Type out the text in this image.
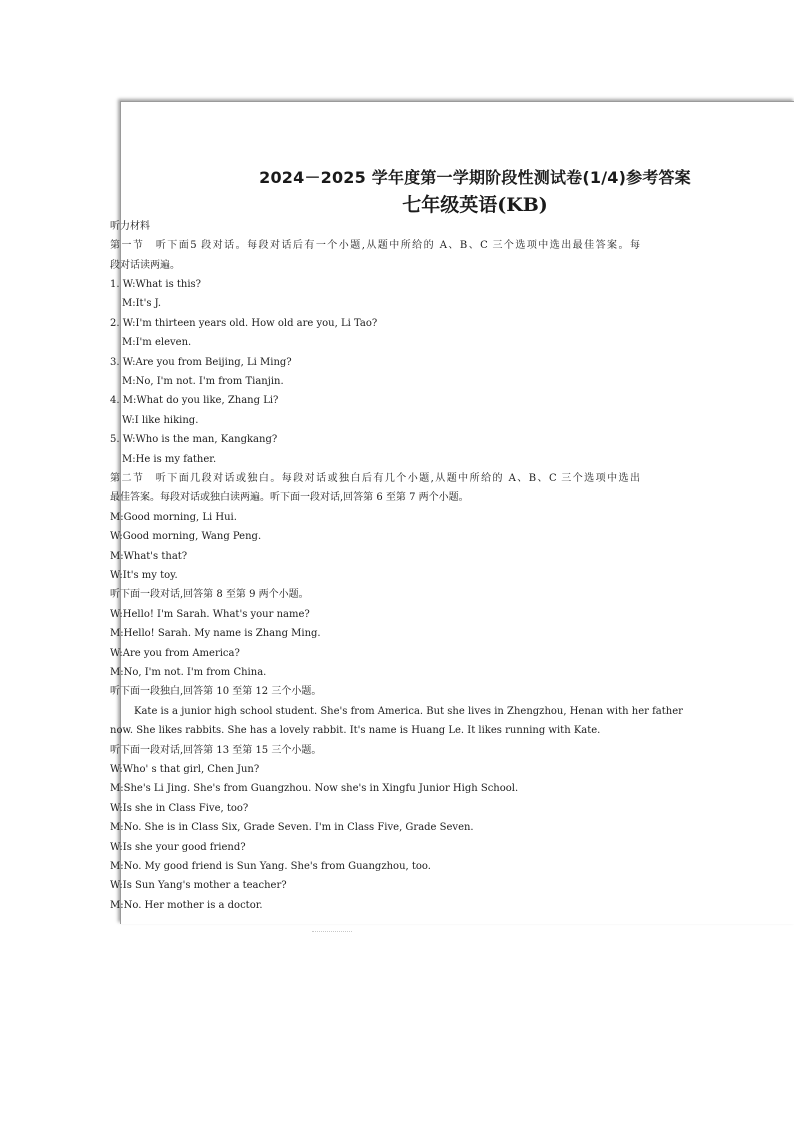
2024－2025 学年度第一学期阶段性测试卷(1/4)参考答案
七年级英语(KB)
听力材料
第一节　听下面5 段对话。每段对话后有一个小题,从题中所给的 A、B、C 三个选项中选出最佳答案。每
段对话读两遍。
1. W:What is this?
M:It's J.
2. W:I'm thirteen years old. How old are you, Li Tao?
M:I'm eleven.
3. W:Are you from Beijing, Li Ming?
M:No, I'm not. I'm from Tianjin.
4. M:What do you like, Zhang Li?
W:I like hiking.
5. W:Who is the man, Kangkang?
M:He is my father.
第二节　听下面几段对话或独白。每段对话或独白后有几个小题,从题中所给的 A、B、C 三个选项中选出
最佳答案。每段对话或独白读两遍。听下面一段对话,回答第 6 至第 7 两个小题。
M:Good morning, Li Hui.
W:Good morning, Wang Peng.
M:What's that?
W:It's my toy.
听下面一段对话,回答第 8 至第 9 两个小题。
W:Hello! I'm Sarah. What's your name?
M:Hello! Sarah. My name is Zhang Ming.
W:Are you from America?
M:No, I'm not. I'm from China.
听下面一段独白,回答第 10 至第 12 三个小题。
Kate is a junior high school student. She's from America. But she lives in Zhengzhou, Henan with her father
now. She likes rabbits. She has a lovely rabbit. It's name is Huang Le. It likes running with Kate.
听下面一段对话,回答第 13 至第 15 三个小题。
W:Who' s that girl, Chen Jun?
M:She's Li Jing. She's from Guangzhou. Now she's in Xingfu Junior High School.
W:Is she in Class Five, too?
M:No. She is in Class Six, Grade Seven. I'm in Class Five, Grade Seven.
W:Is she your good friend?
M:No. My good friend is Sun Yang. She's from Guangzhou, too.
W:Is Sun Yang's mother a teacher?
M:No. Her mother is a doctor.
